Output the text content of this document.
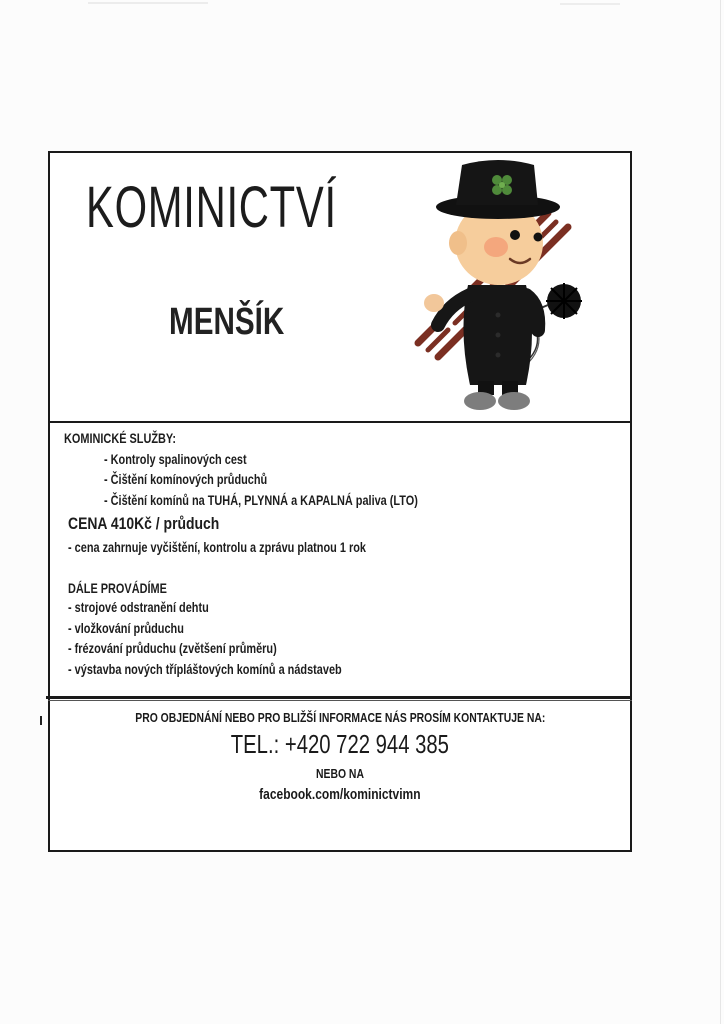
KOMINICTVÍ
MENŠÍK
KOMINICKÉ SLUŽBY:
- Kontroly spalinových cest
- Čištění komínových průduchů
- Čištění komínů na TUHÁ, PLYNNÁ a KAPALNÁ paliva (LTO)
CENA 410Kč / průduch
- cena zahrnuje vyčištění, kontrolu a zprávu platnou 1 rok
DÁLE PROVÁDÍME
- strojové odstranění dehtu
- vložkování průduchu
- frézování průduchu (zvětšení průměru)
- výstavba nových třípláštových komínů a nádstaveb
PRO OBJEDNÁNÍ NEBO PRO BLIŽŠÍ INFORMACE NÁS PROSÍM KONTAKTUJE NA:
TEL.: +420 722 944 385
NEBO NA
facebook.com/kominictvimn
